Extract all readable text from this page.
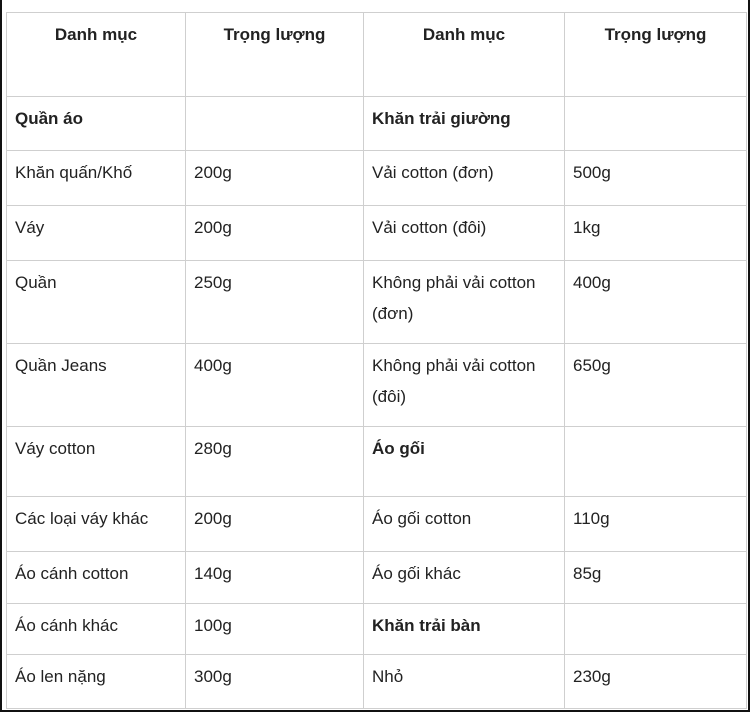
Danh mục	Trọng lượng	Danh mục	Trọng lượng
Quần áo		Khăn trải giường	
Khăn quấn/Khố	200g	Vải cotton (đơn)	500g
Váy	200g	Vải cotton (đôi)	1kg
Quần	250g	Không phải vải cotton (đơn)	400g
Quần Jeans	400g	Không phải vải cotton (đôi)	650g
Váy cotton	280g	Áo gối	
Các loại váy khác	200g	Áo gối cotton	110g
Áo cánh cotton	140g	Áo gối khác	85g
Áo cánh khác	100g	Khăn trải bàn	
Áo len nặng	300g	Nhỏ	230g
